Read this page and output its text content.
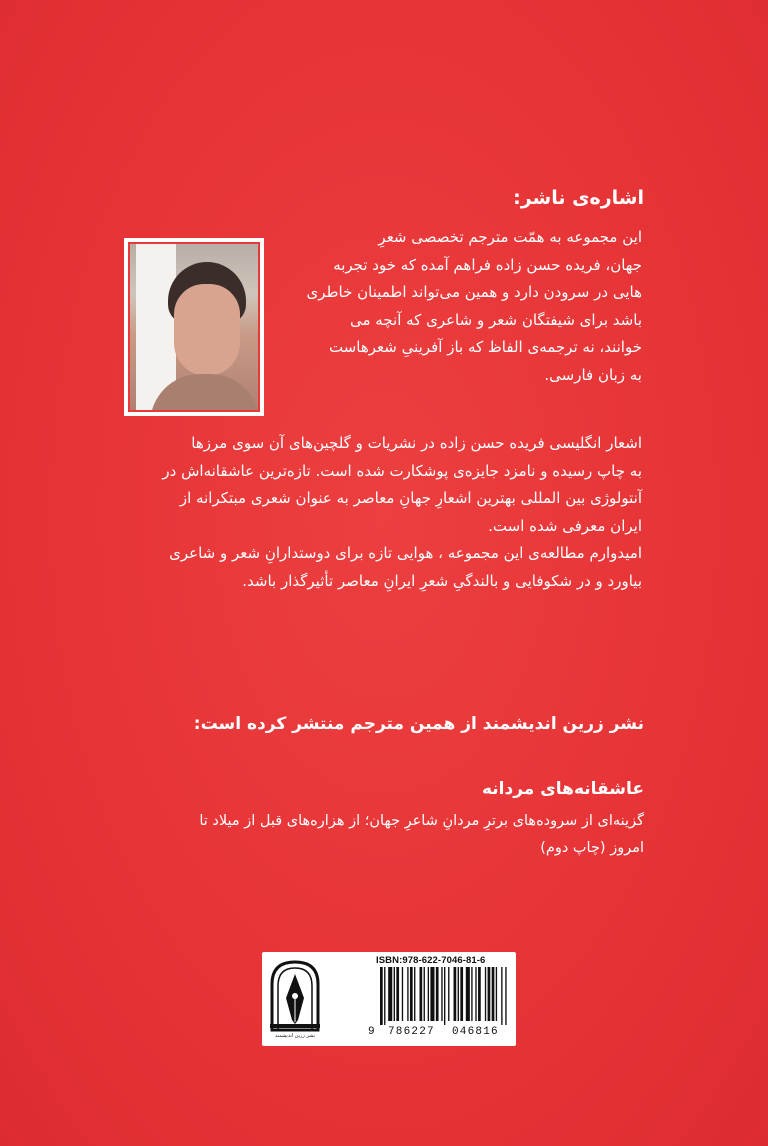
اشاره‌ی ناشر:
این مجموعه به همّت مترجم تخصصی شعرِ
جهان، فریده حسن زاده فراهم آمده که خود تجربه
هایی در سرودن دارد و همین می‌تواند اطمینان خاطری
باشد برای شیفتگان شعر و شاعری که آنچه می
خوانند، نه ترجمه‌ی الفاظ که باز آفرینیِ شعرهاست
به زبان فارسی.
اشعار انگلیسی فریده حسن زاده در نشریات و گلچین‌های آن سوی مرزها
به چاپ رسیده و نامزد جایزه‌ی پوشکارت شده است. تازه‌ترین عاشقانه‌اش در
آنتولوژی بین المللی بهترین اشعارِ جهانِ معاصر به عنوان شعری مبتکرانه از
ایران معرفی شده است.
امیدوارم مطالعه‌ی این مجموعه ، هوایی تازه برای دوستدارانِ شعر و شاعری
بیاورد و در شکوفایی و بالندگیِ شعرِ ایرانِ معاصر تأثیرگذار باشد.
نشر زرین اندیشمند از همین مترجم منتشر کرده است:
عاشقانه‌های مردانه
گزینه‌ای از سروده‌های برترِ مردانِ شاعرِ جهان؛ از هزاره‌های قبل از میلاد تا
امروز (چاپ دوم)
نشر زرین اندیشمند
ISBN:978-622-7046-81-6
9 786227 046816
